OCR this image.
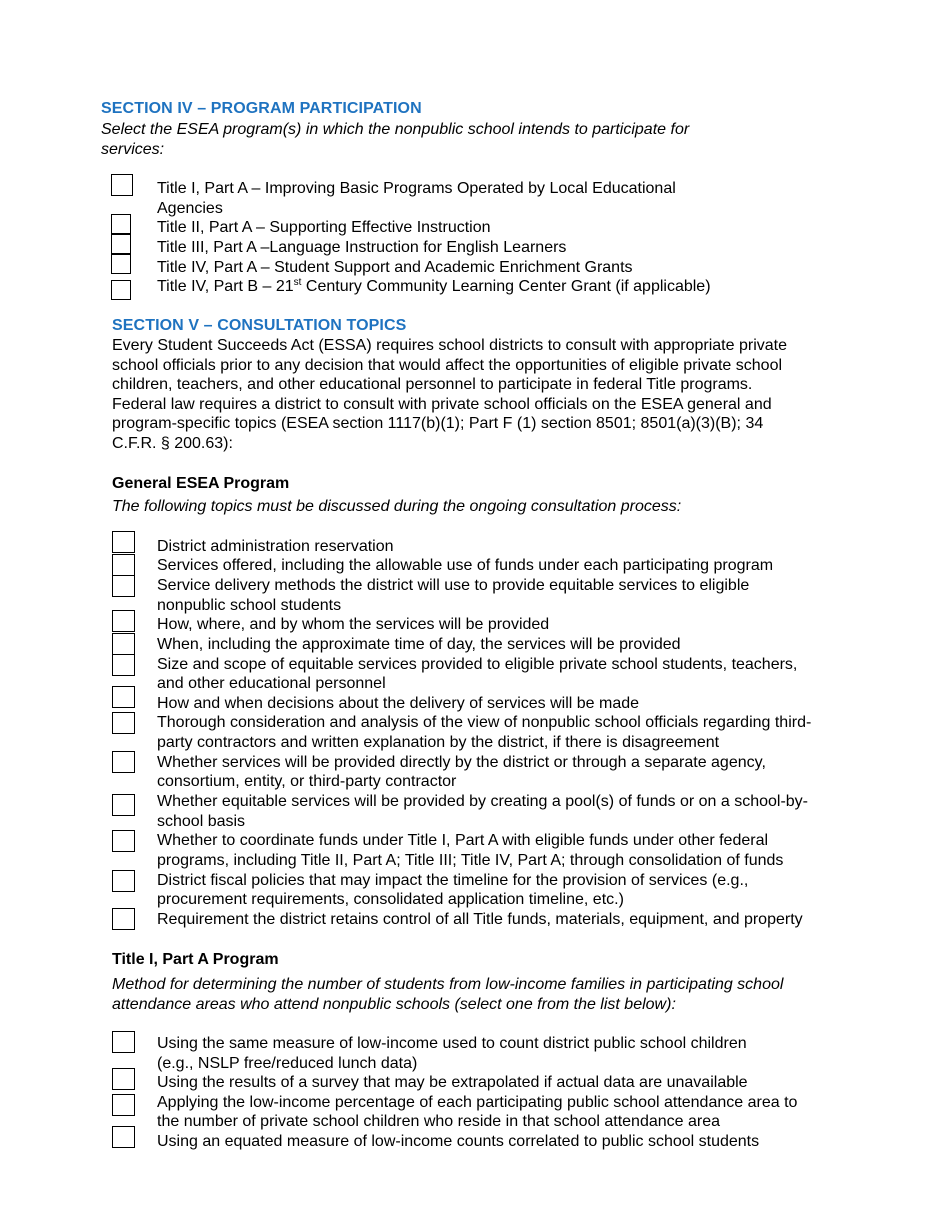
SECTION IV – PROGRAM PARTICIPATION
Select the ESEA program(s) in which the nonpublic school intends to participate for
services:
Title I, Part A – Improving Basic Programs Operated by Local Educational
Agencies
Title II, Part A – Supporting Effective Instruction
Title III, Part A –Language Instruction for English Learners
Title IV, Part A – Student Support and Academic Enrichment Grants
Title IV, Part B – 21st Century Community Learning Center Grant (if applicable)
SECTION V – CONSULTATION TOPICS
Every Student Succeeds Act (ESSA) requires school districts to consult with appropriate private
school officials prior to any decision that would affect the opportunities of eligible private school
children, teachers, and other educational personnel to participate in federal Title programs.
Federal law requires a district to consult with private school officials on the ESEA general and
program-specific topics (ESEA section 1117(b)(1); Part F (1) section 8501; 8501(a)(3)(B); 34
C.F.R. § 200.63):
General ESEA Program
The following topics must be discussed during the ongoing consultation process:
District administration reservation
Services offered, including the allowable use of funds under each participating program
Service delivery methods the district will use to provide equitable services to eligible
nonpublic school students
How, where, and by whom the services will be provided
When, including the approximate time of day, the services will be provided
Size and scope of equitable services provided to eligible private school students, teachers,
and other educational personnel
How and when decisions about the delivery of services will be made
Thorough consideration and analysis of the view of nonpublic school officials regarding third-
party contractors and written explanation by the district, if there is disagreement
Whether services will be provided directly by the district or through a separate agency,
consortium, entity, or third-party contractor
Whether equitable services will be provided by creating a pool(s) of funds or on a school-by-
school basis
Whether to coordinate funds under Title I, Part A with eligible funds under other federal
programs, including Title II, Part A; Title III; Title IV, Part A; through consolidation of funds
District fiscal policies that may impact the timeline for the provision of services (e.g.,
procurement requirements, consolidated application timeline, etc.)
Requirement the district retains control of all Title funds, materials, equipment, and property
Title I, Part A Program
Method for determining the number of students from low-income families in participating school
attendance areas who attend nonpublic schools (select one from the list below):
Using the same measure of low-income used to count district public school children
(e.g., NSLP free/reduced lunch data)
Using the results of a survey that may be extrapolated if actual data are unavailable
Applying the low-income percentage of each participating public school attendance area to
the number of private school children who reside in that school attendance area
Using an equated measure of low-income counts correlated to public school students
